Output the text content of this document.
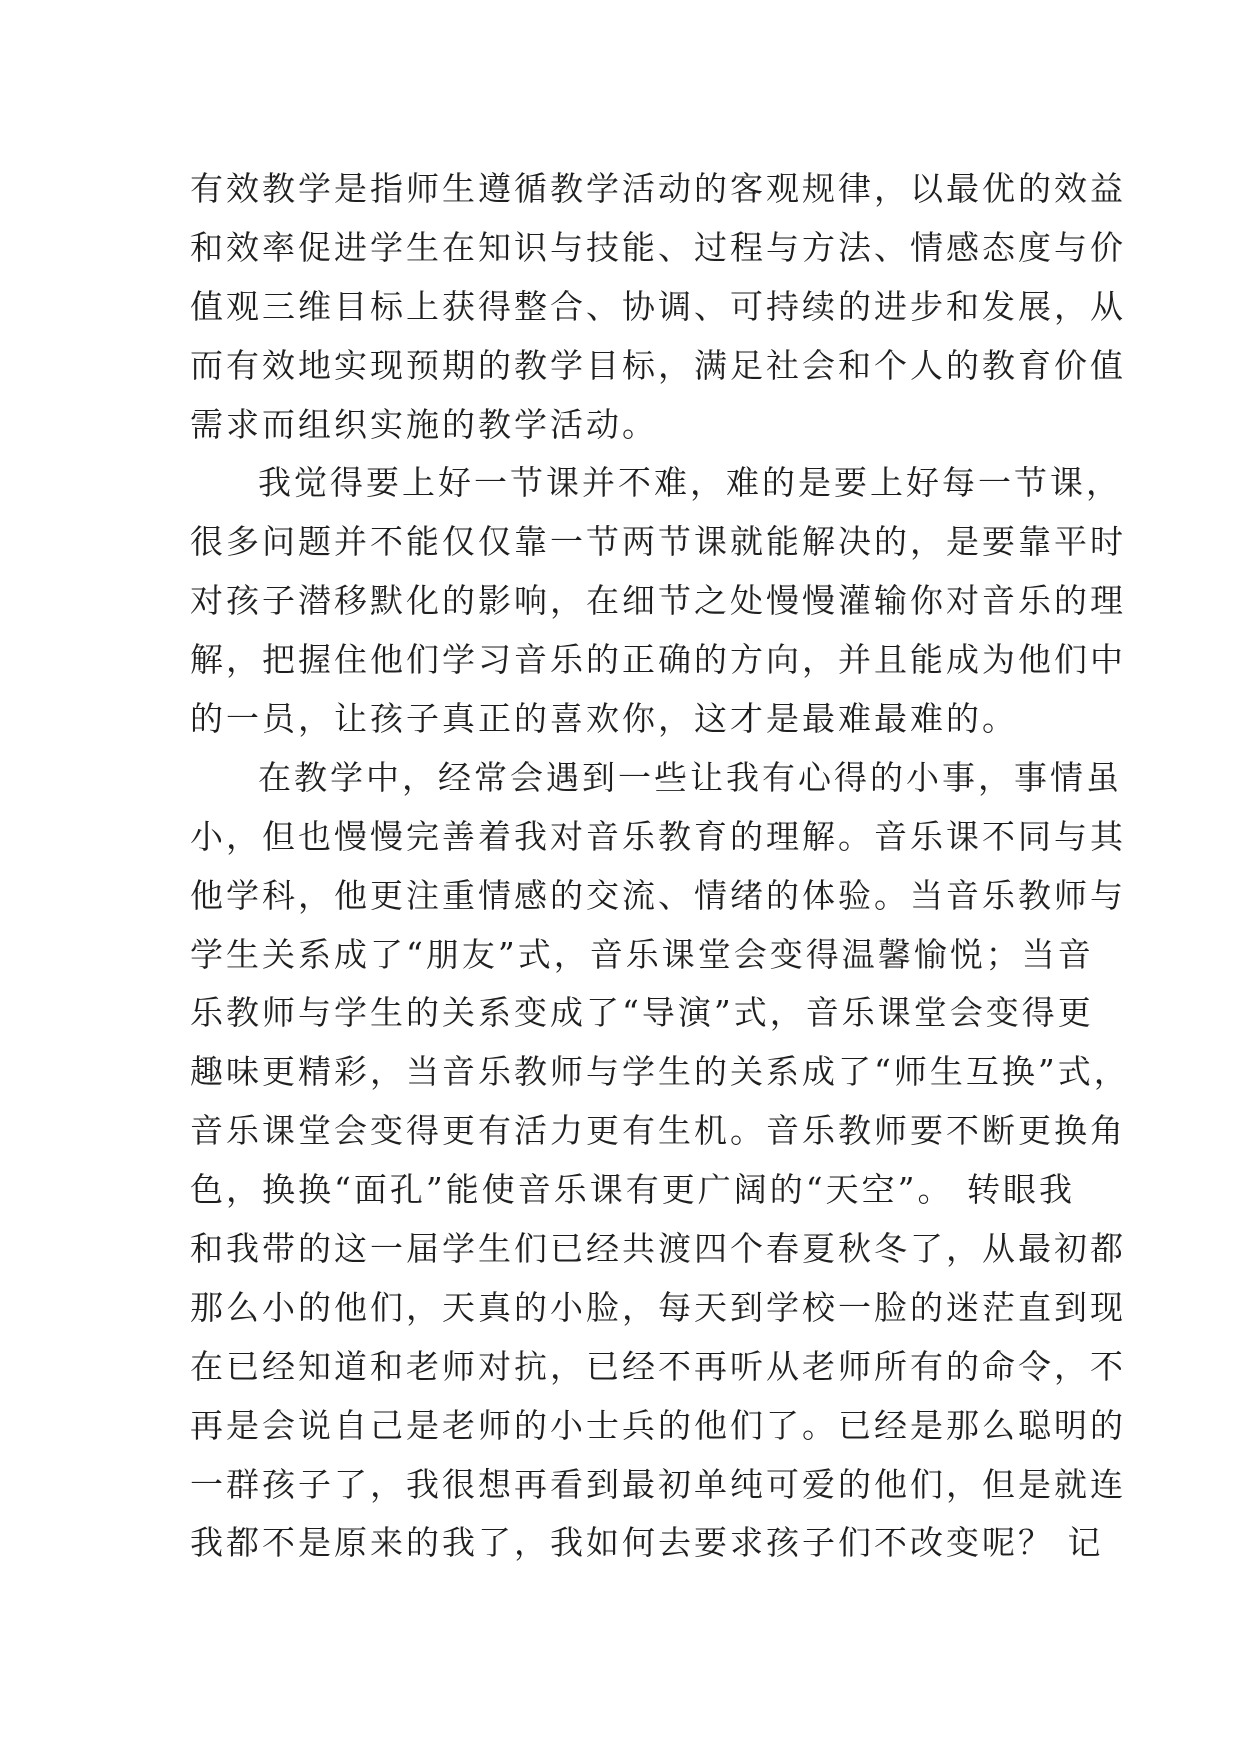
有效教学是指师生遵循教学活动的客观规律，以最优的效益
和效率促进学生在知识与技能、过程与方法、情感态度与价
值观三维目标上获得整合、协调、可持续的进步和发展，从
而有效地实现预期的教学目标，满足社会和个人的教育价值
需求而组织实施的教学活动。
我觉得要上好一节课并不难，难的是要上好每一节课，
很多问题并不能仅仅靠一节两节课就能解决的，是要靠平时
对孩子潜移默化的影响，在细节之处慢慢灌输你对音乐的理
解，把握住他们学习音乐的正确的方向，并且能成为他们中
的一员，让孩子真正的喜欢你，这才是最难最难的。
在教学中，经常会遇到一些让我有心得的小事，事情虽
小，但也慢慢完善着我对音乐教育的理解。音乐课不同与其
他学科，他更注重情感的交流、情绪的体验。当音乐教师与
学生关系成了“朋友”式，音乐课堂会变得温馨愉悦；当音
乐教师与学生的关系变成了“导演”式，音乐课堂会变得更
趣味更精彩，当音乐教师与学生的关系成了“师生互换”式，
音乐课堂会变得更有活力更有生机。音乐教师要不断更换角
色，换换“面孔”能使音乐课有更广阔的“天空”。 转眼我
和我带的这一届学生们已经共渡四个春夏秋冬了，从最初都
那么小的他们，天真的小脸，每天到学校一脸的迷茫直到现
在已经知道和老师对抗，已经不再听从老师所有的命令，不
再是会说自己是老师的小士兵的他们了。已经是那么聪明的
一群孩子了，我很想再看到最初单纯可爱的他们，但是就连
我都不是原来的我了，我如何去要求孩子们不改变呢？ 记
